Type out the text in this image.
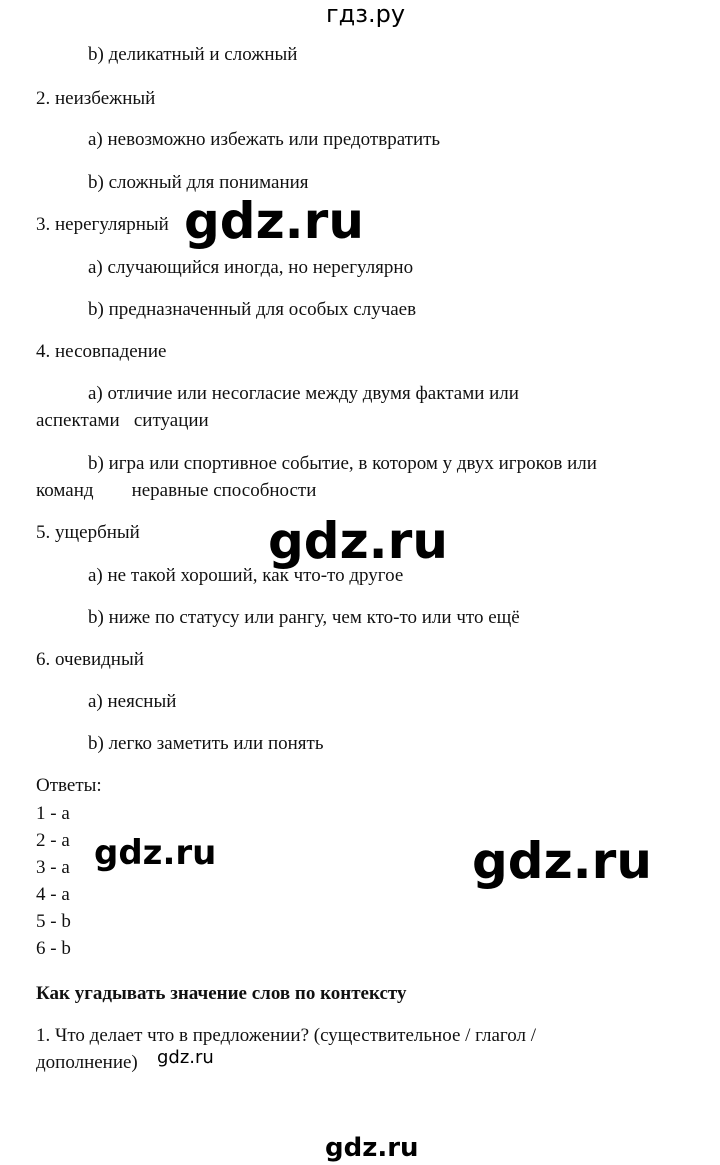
гдз.ру
gdz.ru
gdz.ru
gdz.ru	gdz.ru
gdz.ru
gdz.ru
b) деликатный и сложный
2. неизбежный
a) невозможно избежать или предотвратить
b) сложный для понимания
3. нерегулярный
a) случающийся иногда, но нерегулярно
b) предназначенный для особых случаев
4. несовпадение
a) отличие или несогласие между двумя фактами или
аспектами   ситуации
b) игра или спортивное событие, в котором у двух игроков или
команд        неравные способности
5. ущербный
a) не такой хороший, как что-то другое
b) ниже по статусу или рангу, чем кто-то или что ещё
6. очевидный
a) неясный
b) легко заметить или понять
Ответы:
1 - a
2 - a
3 - a
4 - a
5 - b
6 - b
Как угадывать значение слов по контексту
1. Что делает что в предложении? (существительное / глагол /
дополнение)
